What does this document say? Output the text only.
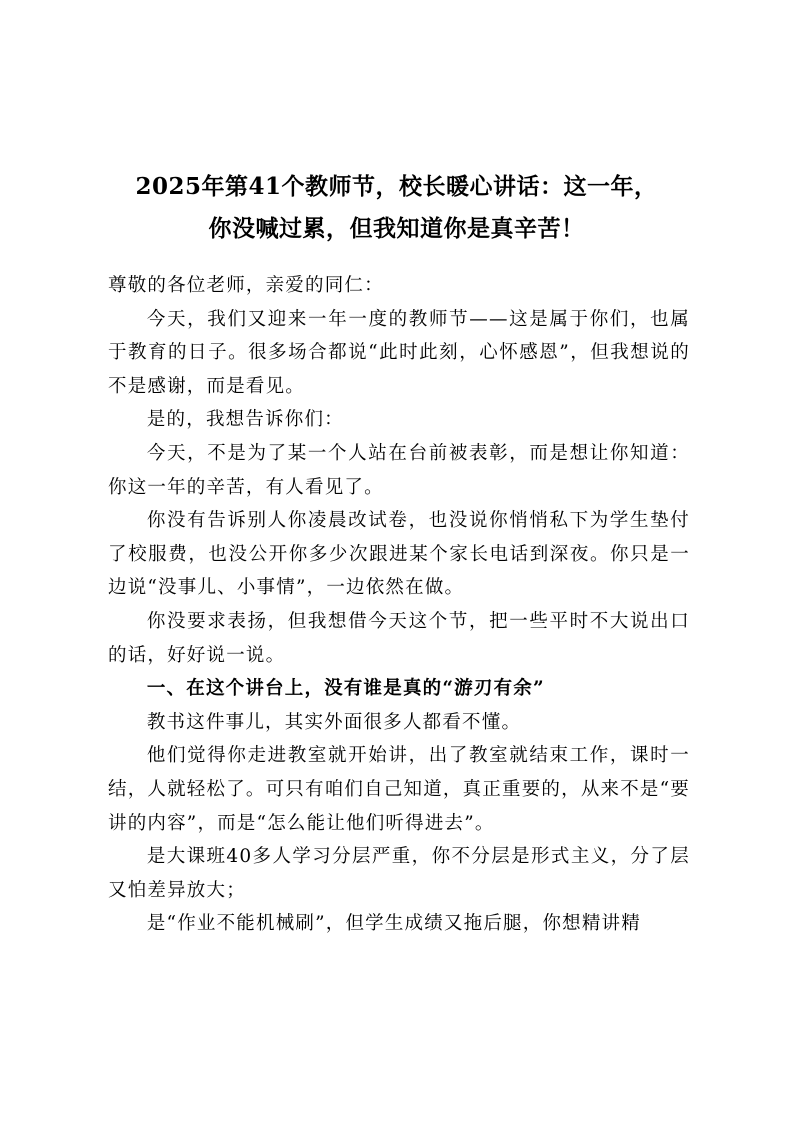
2025年第41个教师节，校长暖心讲话：这一年，
你没喊过累，但我知道你是真辛苦！

尊敬的各位老师，亲爱的同仁：

今天，我们又迎来一年一度的教师节——这是属于你们，也属于教育的日子。很多场合都说“此时此刻，心怀感恩”，但我想说的不是感谢，而是看见。

是的，我想告诉你们：

今天，不是为了某一个人站在台前被表彰，而是想让你知道：你这一年的辛苦，有人看见了。

你没有告诉别人你凌晨改试卷，也没说你悄悄私下为学生垫付了校服费，也没公开你多少次跟进某个家长电话到深夜。你只是一边说“没事儿、小事情”，一边依然在做。

你没要求表扬，但我想借今天这个节，把一些平时不大说出口的话，好好说一说。

一、在这个讲台上，没有谁是真的“游刃有余”

教书这件事儿，其实外面很多人都看不懂。

他们觉得你走进教室就开始讲，出了教室就结束工作，课时一结，人就轻松了。可只有咱们自己知道，真正重要的，从来不是“要讲的内容”，而是“怎么能让他们听得进去”。

是大课班40多人学习分层严重，你不分层是形式主义，分了层又怕差异放大；

是“作业不能机械刷”，但学生成绩又拖后腿，你想精讲精
